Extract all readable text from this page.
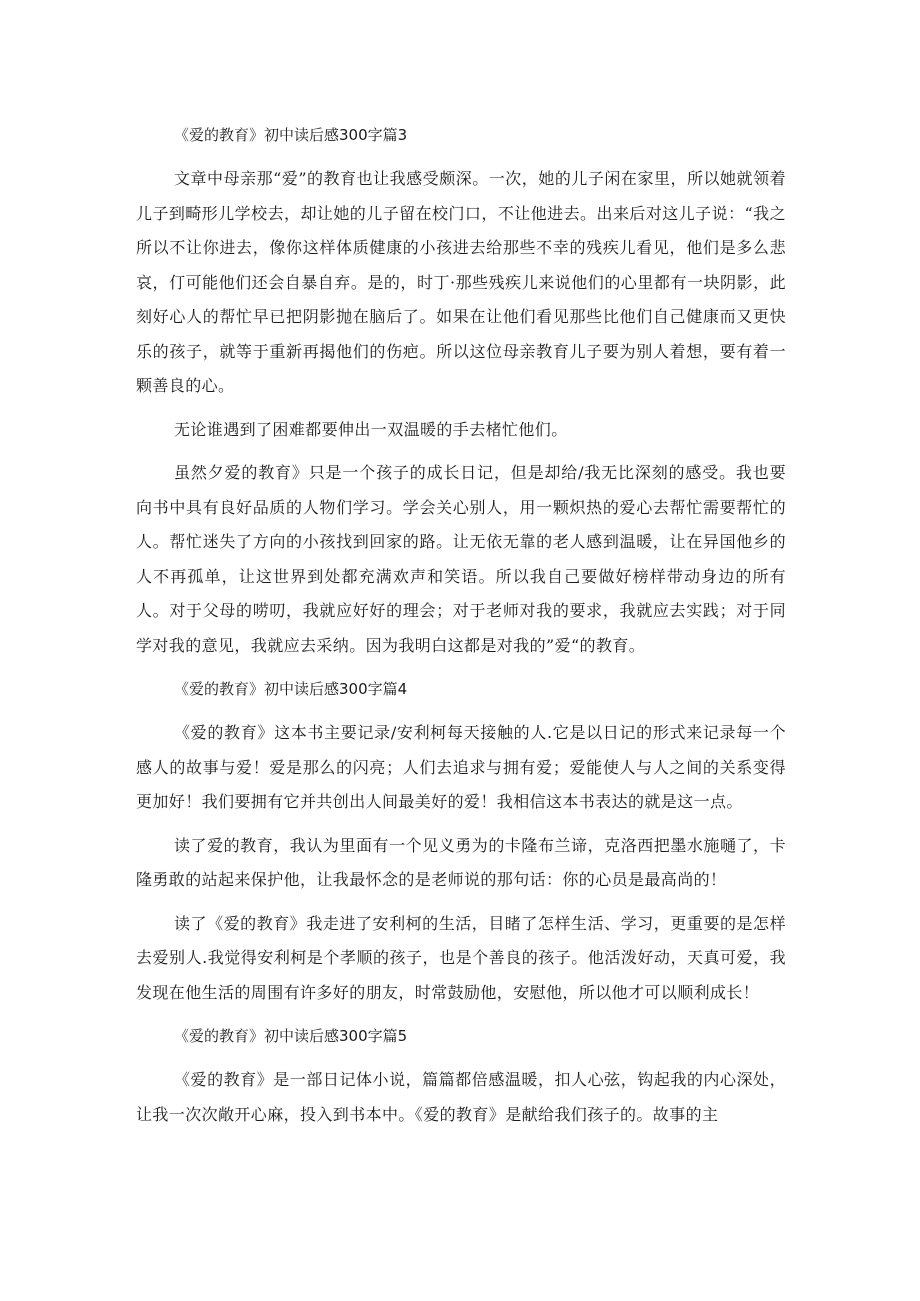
《爱的教育》初中读后感300字篇3

文章中母亲那“爱”的教育也让我感受颇深。一次，她的儿子闲在家里，所以她就领着儿子到畸形儿学校去，却让她的儿子留在校门口，不让他进去。出来后对这儿子说：“我之所以不让你进去，像你这样体质健康的小孩进去给那些不幸的残疾儿看见，他们是多么悲哀，仃可能他们还会自暴自弃。是的，时丁·那些残疾儿来说他们的心里都有一块阴影，此刻好心人的帮忙早已把阴影抛在脑后了。如果在让他们看见那些比他们自己健康而又更快乐的孩子，就等于重新再揭他们的伤疤。所以这位母亲教育儿子要为别人着想，要有着一颗善良的心。

无论谁遇到了困难都要伸出一双温暖的手去楮忙他们。

虽然夕爱的教育》只是一个孩子的成长日记，但是却给/我无比深刻的感受。我也要向书中具有良好品质的人物们学习。学会关心别人，用一颗炽热的爱心去帮忙需要帮忙的人。帮忙迷失了方向的小孩找到回家的路。让无依无靠的老人感到温暖，让在异国他乡的人不再孤单，让这世界到处都充满欢声和笑语。所以我自己要做好榜样带动身边的所有人。对于父母的唠叨，我就应好好的理会；对于老师对我的要求，我就应去实践；对于同学对我的意见，我就应去采纳。因为我明白这都是对我的”爱“的教育。

《爱的教育》初中读后感300字篇4

《爱的教育》这本书主要记录/安利柯每天接触的人.它是以日记的形式来记录每一个感人的故事与爱！爱是那么的闪亮；人们去追求与拥有爱；爱能使人与人之间的关系变得更加好！我们要拥有它并共创出人间最美好的爱！我相信这本书表达的就是这一点。

读了爱的教育，我认为里面有一个见义勇为的卡隆布兰谛，克洛西把墨水施嗵了，卡隆勇敢的站起来保护他，让我最怀念的是老师说的那句话：你的心员是最高尚的！

读了《爱的教育》我走进了安利柯的生活，目睹了怎样生活、学习，更重要的是怎样去爱别人.我觉得安利柯是个孝顺的孩子，也是个善良的孩子。他活泼好动，天真可爱，我发现在他生活的周围有许多好的朋友，时常鼓励他，安慰他，所以他才可以顺利成长！

《爱的教育》初中读后感300字篇5

《爱的教育》是一部日记体小说，篇篇都倍感温暖，扣人心弦，钩起我的内心深处，让我一次次敞开心麻，投入到书本中。《爱的教育》是献给我们孩子的。故事的主
